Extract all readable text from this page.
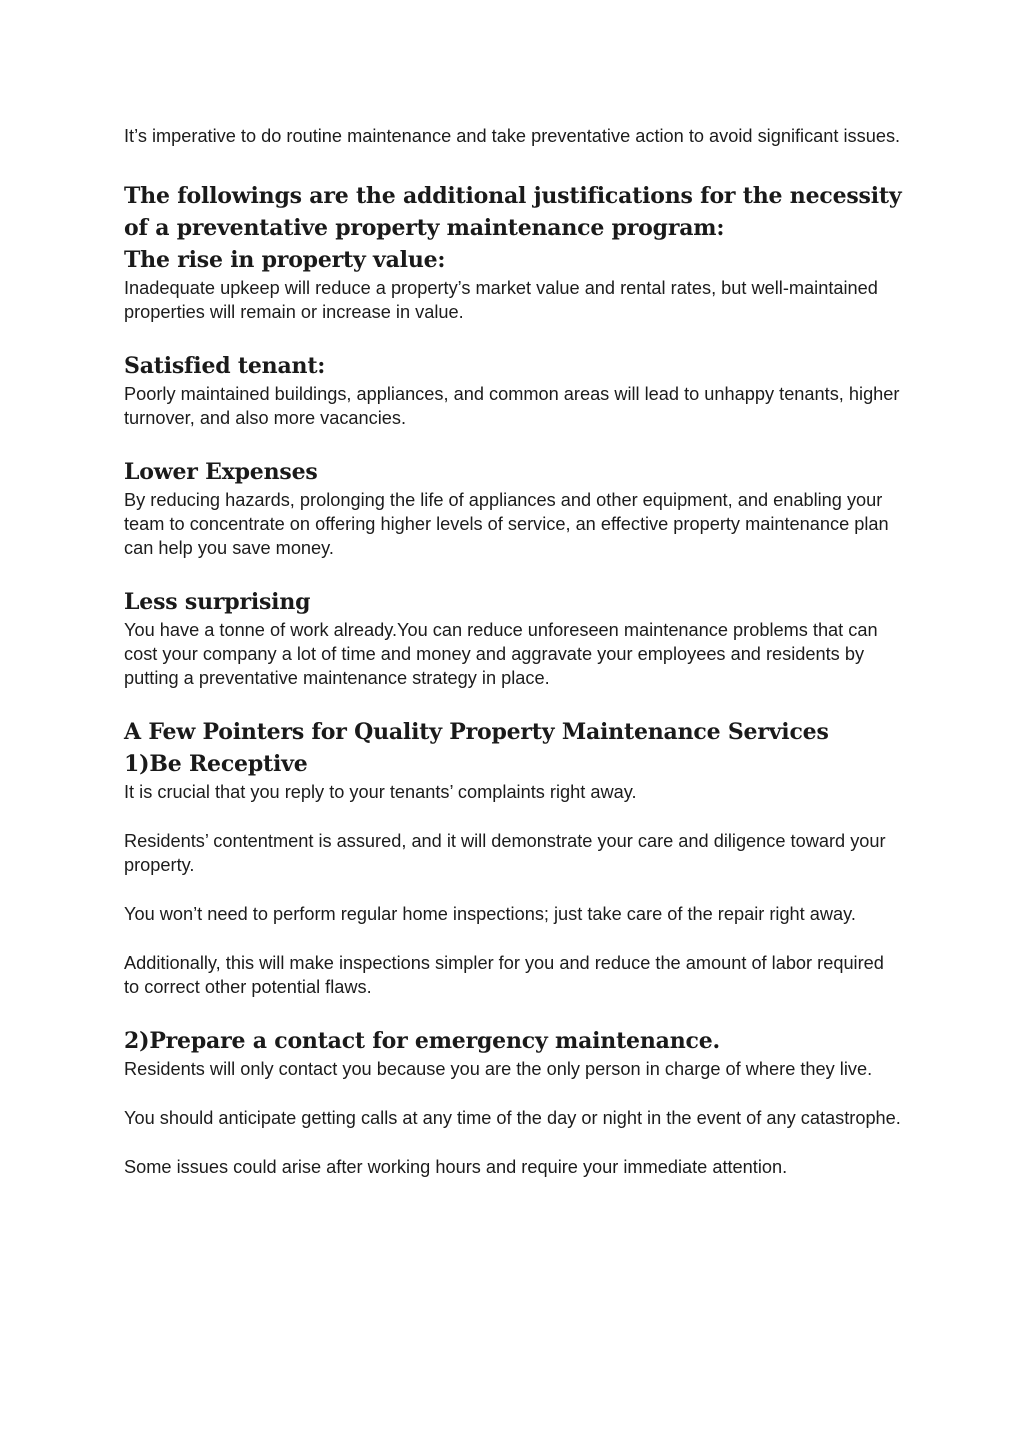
It’s imperative to do routine maintenance and take preventative action to avoid significant issues.

The followings are the additional justifications for the necessity of a preventative property maintenance program:
The rise in property value:

Inadequate upkeep will reduce a property’s market value and rental rates, but well-maintained properties will remain or increase in value.

Satisfied tenant:

Poorly maintained buildings, appliances, and common areas will lead to unhappy tenants, higher turnover, and also more vacancies.

Lower Expenses

By reducing hazards, prolonging the life of appliances and other equipment, and enabling your team to concentrate on offering higher levels of service, an effective property maintenance plan can help you save money.

Less surprising

You have a tonne of work already.You can reduce unforeseen maintenance problems that can cost your company a lot of time and money and aggravate your employees and residents by putting a preventative maintenance strategy in place.

A Few Pointers for Quality Property Maintenance Services
1)Be Receptive

It is crucial that you reply to your tenants’ complaints right away.

Residents’ contentment is assured, and it will demonstrate your care and diligence toward your property.

You won’t need to perform regular home inspections; just take care of the repair right away.

Additionally, this will make inspections simpler for you and reduce the amount of labor required to correct other potential flaws.

2)Prepare a contact for emergency maintenance.

Residents will only contact you because you are the only person in charge of where they live.

You should anticipate getting calls at any time of the day or night in the event of any catastrophe.

Some issues could arise after working hours and require your immediate attention.
